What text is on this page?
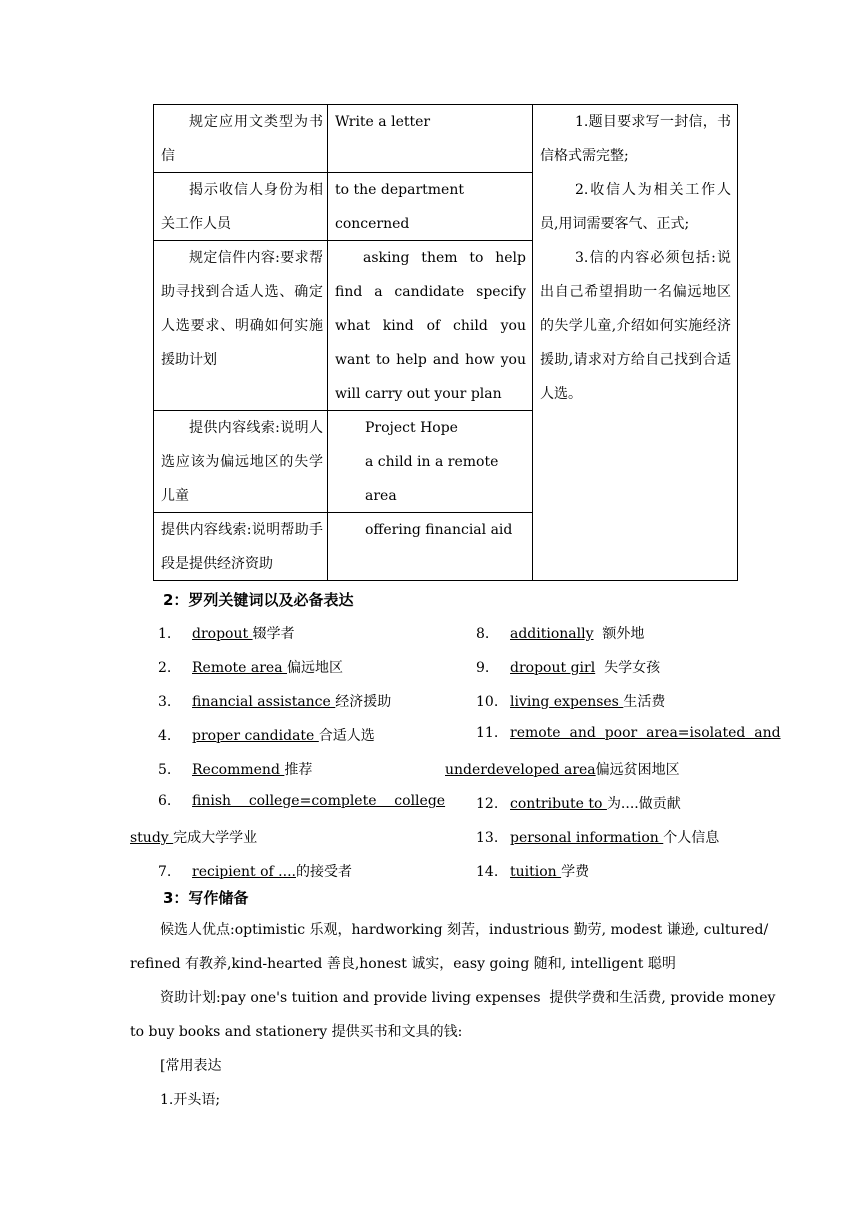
规定应用文类型为书信
Write a letter
揭示收信人身份为相关工作人员
to the department concerned
规定信件内容:要求帮助寻找到合适人选、确定人选要求、明确如何实施援助计划
asking them to help find a candidate specify what kind of child you want to help and how you will carry out your plan
提供内容线索:说明人选应该为偏远地区的失学儿童
Project Hope
a child in a remote area
提供内容线索:说明帮助手段是提供经济资助
offering financial aid
1.题目要求写一封信，书信格式需完整;
2.收信人为相关工作人员,用词需要客气、正式;
3.信的内容必须包括:说出自己希望捐助一名偏远地区的失学儿童,介绍如何实施经济援助,请求对方给自己找到合适人选。
2：罗列关键词以及必备表达
1. dropout 辍学者
2. Remote area 偏远地区
3. financial assistance 经济援助
4. proper candidate 合适人选
5. Recommend 推荐
6. finish    college=complete    college
study 完成大学学业
7. recipient of ....的接受者
8. additionally  额外地
9. dropout girl  失学女孩
10. living expenses 生活费
11. remote  and  poor  area=isolated  and
underdeveloped area偏远贫困地区
12. contribute to 为....做贡献
13. personal information 个人信息
14. tuition 学费
3：写作储备
候选人优点:optimistic 乐观，hardworking 刻苦，industrious 勤劳, modest 谦逊, cultured/
refined 有教养,kind-hearted 善良,honest 诚实，easy going 随和, intelligent 聪明
资助计划:pay one's tuition and provide living expenses  提供学费和生活费, provide money
to buy books and stationery 提供买书和文具的钱:
[常用表达
1.开头语;
